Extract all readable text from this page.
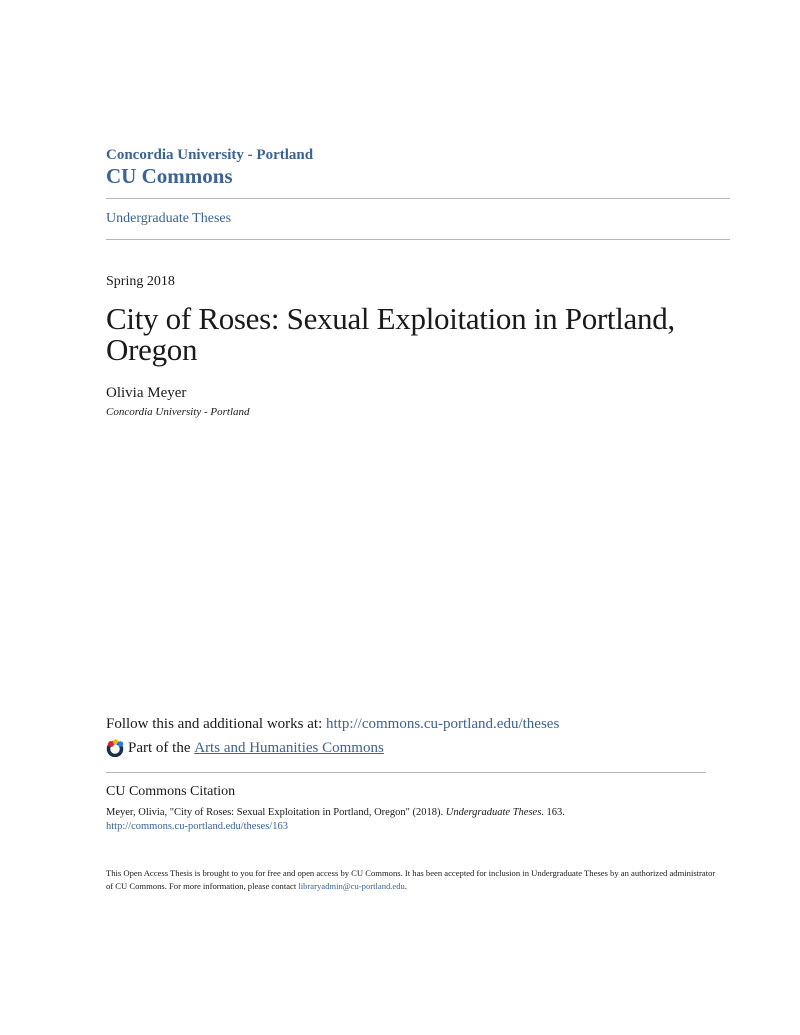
Concordia University - Portland
CU Commons
Undergraduate Theses
Spring 2018
City of Roses: Sexual Exploitation in Portland, Oregon
Olivia Meyer
Concordia University - Portland
Follow this and additional works at: http://commons.cu-portland.edu/theses
Part of the Arts and Humanities Commons
CU Commons Citation
Meyer, Olivia, "City of Roses: Sexual Exploitation in Portland, Oregon" (2018). Undergraduate Theses. 163.
http://commons.cu-portland.edu/theses/163
This Open Access Thesis is brought to you for free and open access by CU Commons. It has been accepted for inclusion in Undergraduate Theses by an authorized administrator of CU Commons. For more information, please contact libraryadmin@cu-portland.edu.
